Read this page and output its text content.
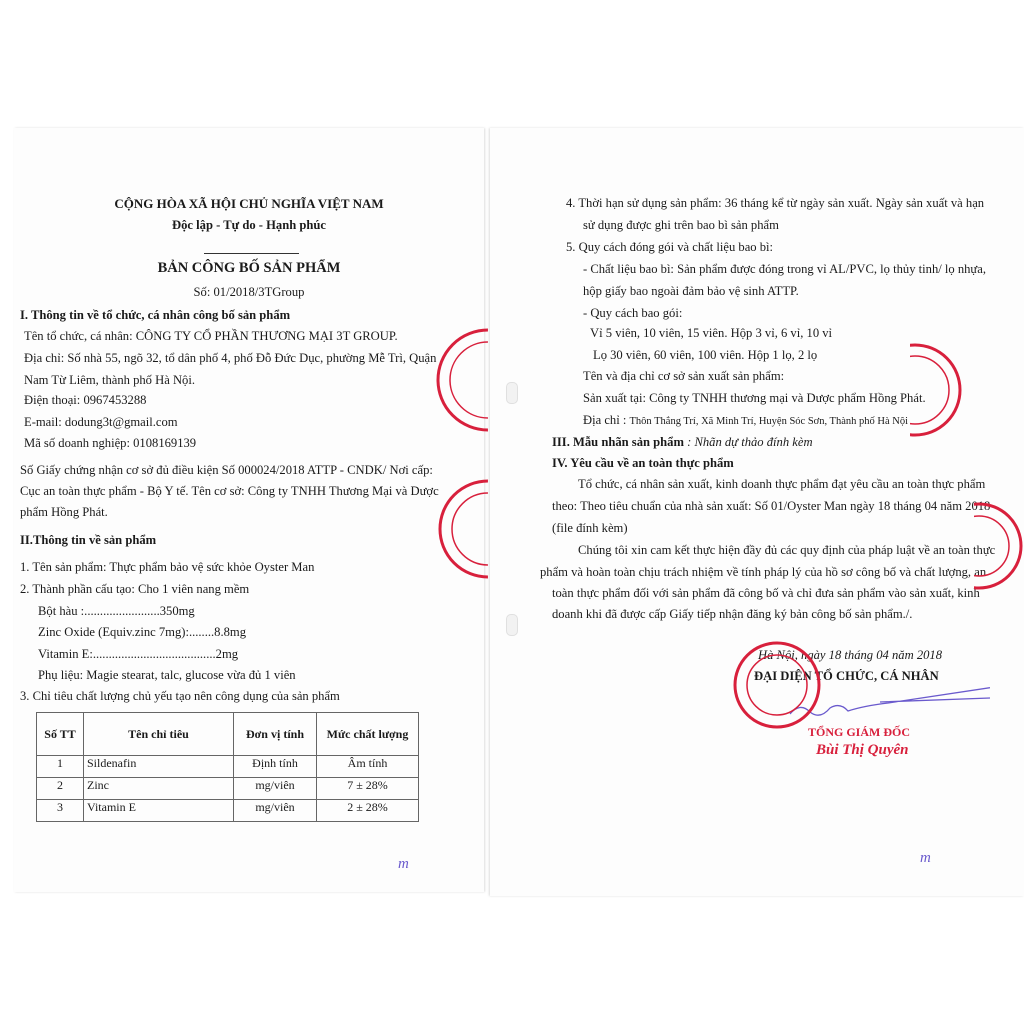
CỘNG HÒA XÃ HỘI CHỦ NGHĨA VIỆT NAM
Độc lập - Tự do - Hạnh phúc
BẢN CÔNG BỐ SẢN PHẨM
Số: 01/2018/3TGroup
I. Thông tin về tổ chức, cá nhân công bố sản phẩm
Tên tổ chức, cá nhân: CÔNG TY CỔ PHẦN THƯƠNG MẠI 3T GROUP.
Địa chỉ: Số nhà 55, ngõ 32, tổ dân phố 4, phố Đỗ Đức Dục, phường Mễ Trì, Quận
Nam Từ Liêm, thành phố Hà Nội.
Điện thoại: 0967453288
E-mail: dodung3t@gmail.com
Mã số doanh nghiệp: 0108169139
Số Giấy chứng nhận cơ sở đủ điều kiện Số 000024/2018 ATTP - CNDK/ Nơi cấp:
Cục an toàn thực phẩm - Bộ Y tế. Tên cơ sở: Công ty TNHH Thương Mại và Dược
phẩm Hồng Phát.
II.Thông tin về sản phẩm
1. Tên sản phẩm: Thực phẩm bảo vệ sức khỏe Oyster Man
2. Thành phần cấu tạo: Cho 1 viên nang mềm
Bột hàu :........................350mg
Zinc Oxide (Equiv.zinc 7mg):........8.8mg
Vitamin E:.......................................2mg
Phụ liệu: Magie stearat, talc, glucose vừa đủ 1 viên
3. Chỉ tiêu chất lượng chủ yếu tạo nên công dụng của sản phẩm
Số TT	Tên chỉ tiêu	Đơn vị tính	Mức chất lượng
1	Sildenafin	Định tính	Âm tính
2	Zinc	mg/viên	7 ± 28%
3	Vitamin E	mg/viên	2 ± 28%
m
4. Thời hạn sử dụng sản phẩm: 36 tháng kể từ ngày sản xuất. Ngày sản xuất và hạn
sử dụng được ghi trên bao bì sản phẩm
5. Quy cách đóng gói và chất liệu bao bì:
- Chất liệu bao bì: Sản phẩm được đóng trong vỉ AL/PVC, lọ thủy tinh/ lọ nhựa,
hộp giấy bao ngoài đảm bảo vệ sinh ATTP.
- Quy cách bao gói:
Vỉ 5 viên, 10 viên, 15 viên. Hộp 3 vỉ, 6 vỉ, 10 vỉ
Lọ 30 viên, 60 viên, 100 viên. Hộp 1 lọ, 2 lọ
Tên và địa chỉ cơ sở sản xuất sản phẩm:
Sản xuất tại: Công ty TNHH thương mại và Dược phẩm Hồng Phát.
Địa chỉ : Thôn Thắng Trí, Xã Minh Trí, Huyện Sóc Sơn, Thành phố Hà Nội
III. Mẫu nhãn sản phẩm : Nhãn dự thảo đính kèm
IV. Yêu cầu về an toàn thực phẩm
Tổ chức, cá nhân sản xuất, kinh doanh thực phẩm đạt yêu cầu an toàn thực phẩm
theo: Theo tiêu chuẩn của nhà sản xuất: Số 01/Oyster Man ngày 18 tháng 04 năm 2018
(file đính kèm)
Chúng tôi xin cam kết thực hiện đầy đủ các quy định của pháp luật về an toàn thực
phẩm và hoàn toàn chịu trách nhiệm về tính pháp lý của hồ sơ công bố và chất lượng, an
toàn thực phẩm đối với sản phẩm đã công bố và chỉ đưa sản phẩm vào sản xuất, kinh
doanh khi đã được cấp Giấy tiếp nhận đăng ký bản công bố sản phẩm./.
Hà Nội, ngày 18 tháng 04 năm 2018
ĐẠI DIỆN TỔ CHỨC, CÁ NHÂN
TỔNG GIÁM ĐỐC
Bùi Thị Quyên
m
